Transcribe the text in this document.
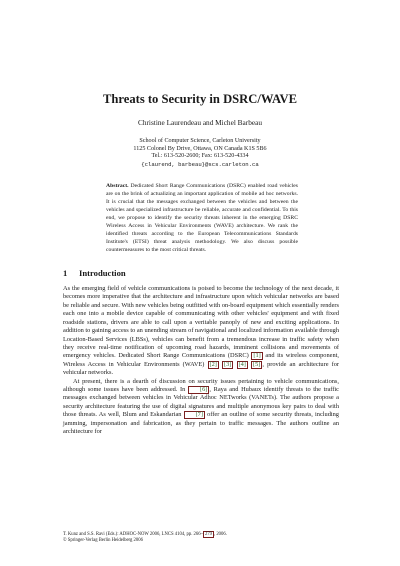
Threats to Security in DSRC/WAVE
Christine Laurendeau and Michel Barbeau
School of Computer Science, Carleton University
1125 Colonel By Drive, Ottawa, ON Canada K1S 5B6
Tel.: 613-520-2600; Fax: 613-520-4334
{claurend, barbeau}@scs.carleton.ca
Abstract. Dedicated Short Range Communications (DSRC) enabled road vehicles are on the brink of actualizing an important application of mobile ad hoc networks. It is crucial that the messages exchanged between the vehicles and between the vehicles and specialized infrastructure be reliable, accurate and confidential. To this end, we propose to identify the security threats inherent in the emerging DSRC Wireless Access in Vehicular Environments (WAVE) architecture. We rank the identified threats according to the European Telecommunications Standards Institute's (ETSI) threat analysis methodology. We also discuss possible countermeasures to the most critical threats.
1 Introduction

As the emerging field of vehicle communications is poised to become the technology of the next decade, it becomes more imperative that the architecture and infrastructure upon which vehicular networks are based be reliable and secure. With new vehicles being outfitted with on-board equipment which essentially renders each one into a mobile device capable of communicating with other vehicles' equipment and with fixed roadside stations, drivers are able to call upon a veritable panoply of new and exciting applications. In addition to gaining access to an unending stream of navigational and localized information available through Location-Based Services (LBSs), vehicles can benefit from a tremendous increase in traffic safety when they receive real-time notification of upcoming road hazards, imminent collisions and movements of emergency vehicles. Dedicated Short Range Communications (DSRC) [1] and its wireless component, Wireless Access in Vehicular Environments (WAVE) [2] [3] [4] [5] , provide an architecture for vehicular networks.

At present, there is a dearth of discussion on security issues pertaining to vehicle communications, although some issues have been addressed. In [6] , Raya and Hubaux identify threats to the traffic messages exchanged between vehicles in Vehicular Adhoc NETworks (VANETs). The authors propose a security architecture featuring the use of digital signatures and multiple anonymous key pairs to deal with those threats. As well, Blum and Eskandarian [7] offer an outline of some security threats, including jamming, impersonation and fabrication, as they pertain to traffic messages. The authors outline an architecture for

T. Kunz and S.S. Ravi (Eds.): ADHOC-NOW 2006, LNCS 4104, pp. 266– 279 , 2006.
© Springer-Verlag Berlin Heidelberg 2006
